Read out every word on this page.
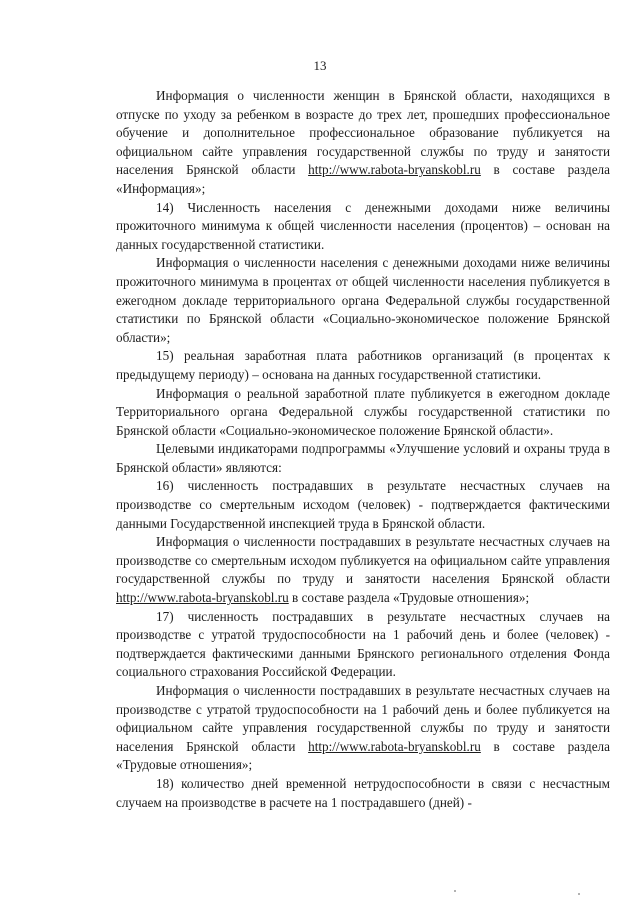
13

Информация о численности женщин в Брянской области, находящихся в отпуске по уходу за ребенком в возрасте до трех лет, прошедших профессиональное обучение и дополнительное профессиональное образование публикуется на официальном сайте управления государственной службы по труду и занятости населения Брянской области http://www.rabota-bryanskobl.ru в составе раздела «Информация»;

14) Численность населения с денежными доходами ниже величины прожиточного минимума к общей численности населения (процентов) – основан на данных государственной статистики.

Информация о численности населения с денежными доходами ниже величины прожиточного минимума в процентах от общей численности населения публикуется в ежегодном докладе территориального органа Федеральной службы государственной статистики по Брянской области «Социально-экономическое положение Брянской области»;

15) реальная заработная плата работников организаций (в процентах к предыдущему периоду) – основана на данных государственной статистики.

Информация о реальной заработной плате публикуется в ежегодном докладе Территориального органа Федеральной службы государственной статистики по Брянской области «Социально-экономическое положение Брянской области».

Целевыми индикаторами подпрограммы «Улучшение условий и охраны труда в Брянской области» являются:

16) численность пострадавших в результате несчастных случаев на производстве со смертельным исходом (человек) - подтверждается фактическими данными Государственной инспекцией труда в Брянской области.

Информация о численности пострадавших в результате несчастных случаев на производстве со смертельным исходом публикуется на официальном сайте управления государственной службы по труду и занятости населения Брянской области http://www.rabota-bryanskobl.ru в составе раздела «Трудовые отношения»;

17) численность пострадавших в результате несчастных случаев на производстве с утратой трудоспособности на 1 рабочий день и более (человек) - подтверждается фактическими данными Брянского регионального отделения Фонда социального страхования Российской Федерации.

Информация о численности пострадавших в результате несчастных случаев на производстве с утратой трудоспособности на 1 рабочий день и более публикуется на официальном сайте управления государственной службы по труду и занятости населения Брянской области http://www.rabota-bryanskobl.ru в составе раздела «Трудовые отношения»;

18) количество дней временной нетрудоспособности в связи с несчастным случаем на производстве в расчете на 1 пострадавшего (дней) -
